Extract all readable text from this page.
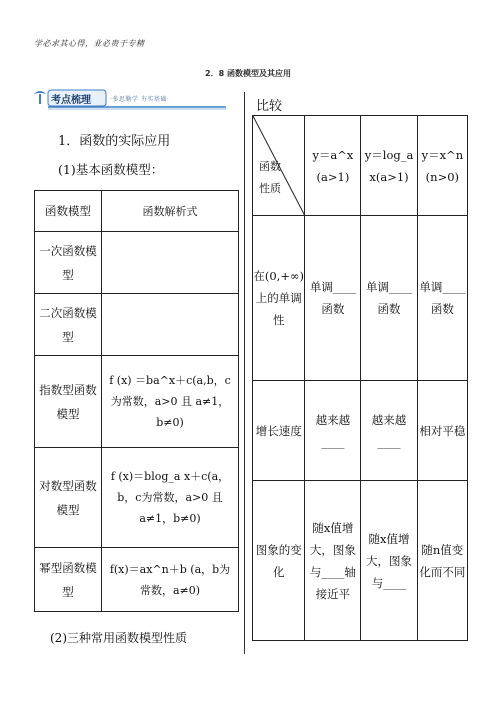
学必求其心得，业必贵于专精
2．8 函数模型及其应用
考点梳理	·多思勤学 夯实基础·
1．函数的实际应用
(1)基本函数模型：
函数模型	函数解析式
一次函数模型	
二次函数模型	
指数型函数模型	f (x) ＝ba^x＋c(a,b，c为常数，a>0 且 a≠1，b≠0)
对数型函数模型	f (x)＝blog_a x＋c(a，b，c为常数，a>0 且 a≠1，b≠0)
幂型函数模型	f(x)＝ax^n＋b (a，b为常数，a≠0)
(2)三种常用函数模型性质
比较
函数
性质	y＝a^x (a>1)	y＝log_a x(a>1)	y＝x^n (n>0)
在(0,+∞)上的单调性	单调____函数	单调____函数	单调____函数
增长速度	越来越____	越来越____	相对平稳
图象的变化	随x值增大，图象与____轴接近平	随x值增大，图象与____	随n值变化而不同
